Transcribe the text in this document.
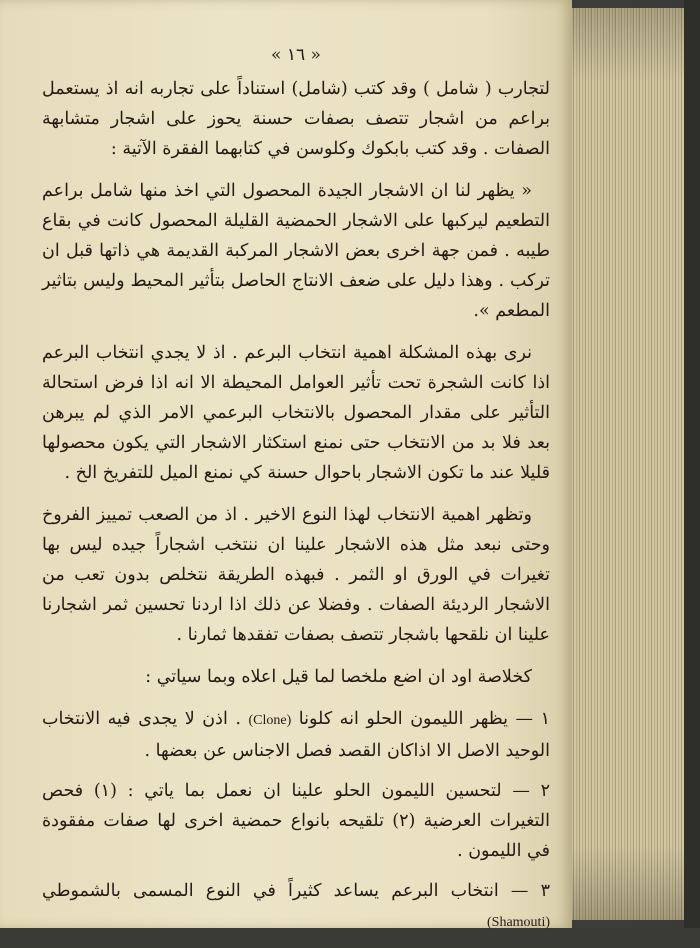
« ١٦ »

لتجارب ( شامل ) وقد كتب (شامل) استناداً على تجاربه انه اذ يستعمل براعم من اشجار تتصف بصفات حسنة يحوز على اشجار متشابهة الصفات . وقد كتب بابكوك وكلوسن في كتابهما الفقرة الآتية :

« يظهر لنا ان الاشجار الجيدة المحصول التي اخذ منها شامل براعم التطعيم ليركبها على الاشجار الحمضية القليلة المحصول كانت في بقاع طيبه . فمن جهة اخرى بعض الاشجار المركبة القديمة هي ذاتها قبل ان تركب . وهذا دليل على ضعف الانتاج الحاصل بتأثير المحيط وليس بتاثير المطعم ».

نرى بهذه المشكلة اهمية انتخاب البرعم . اذ لا يجدي انتخاب البرعم اذا كانت الشجرة تحت تأثير العوامل المحيطة الا انه اذا فرض استحالة التأثير على مقدار المحصول بالانتخاب البرعمي الامر الذي لم يبرهن بعد فلا بد من الانتخاب حتى نمنع استكثار الاشجار التي يكون محصولها قليلا عند ما تكون الاشجار باحوال حسنة كي نمنع الميل للتفريخ الخ .

وتظهر اهمية الانتخاب لهذا النوع الاخير . اذ من الصعب تمييز الفروخ وحتى نبعد مثل هذه الاشجار علينا ان ننتخب اشجاراً جيده ليس بها تغيرات في الورق او الثمر . فبهذه الطريقة نتخلص بدون تعب من الاشجار الرديئة الصفات . وفضلا عن ذلك اذا اردنا تحسين ثمر اشجارنا علينا ان نلقحها باشجار تتصف بصفات تفقدها ثمارنا .

كخلاصة اود ان اضع ملخصا لما قيل اعلاه وبما سياتي :

١ — يظهر الليمون الحلو انه كلونا (Clone) . اذن لا يجدى فيه الانتخاب الوحيد الاصل الا اذاكان القصد فصل الاجناس عن بعضها .

٢ — لتحسين الليمون الحلو علينا ان نعمل بما ياتي : (١) فحص التغيرات العرضية (٢) تلقيحه بانواع حمضية اخرى لها صفات مفقودة في الليمون .

٣ — انتخاب البرعم يساعد كثيراً في النوع المسمى بالشموطي (Shamouti)
